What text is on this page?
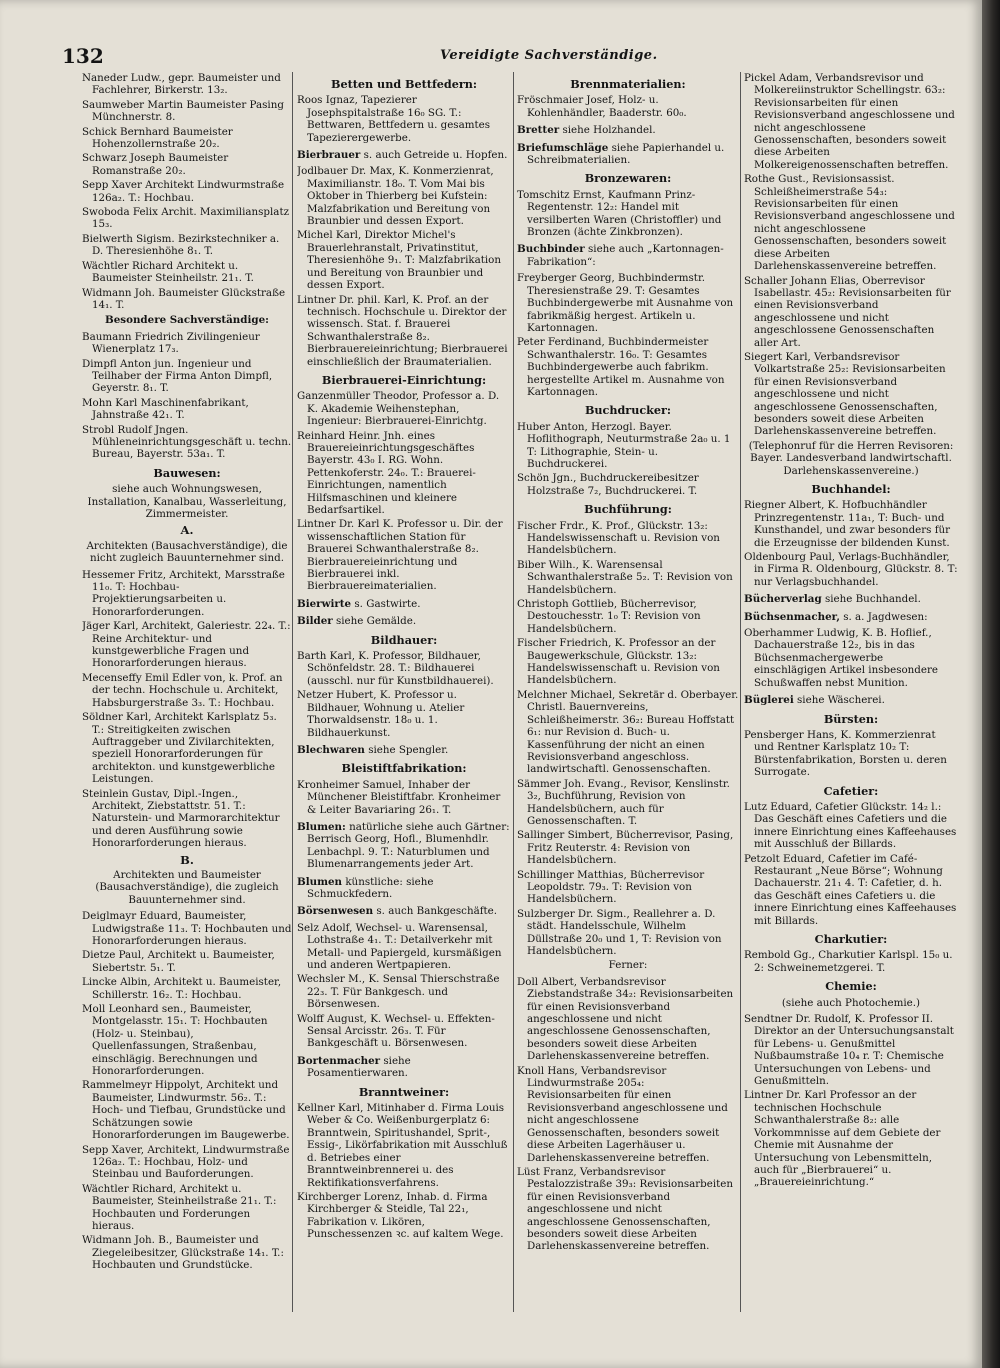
132	Vereidigte Sachverständige.
Naneder Ludw., gepr. Baumeister und Fachlehrer, Birkerstr. 13₂.
Saumweber Martin Baumeister Pasing Münchnerstr. 8.
Schick Bernhard Baumeister Hohenzollernstraße 20₂.
Schwarz Joseph Baumeister Romanstraße 20₂.
Sepp Xaver Architekt Lindwurmstraße 126a₂. T.: Hochbau.
Swoboda Felix Archit. Maximiliansplatz 15₃.
Bielwerth Sigism. Bezirkstechniker a. D. Theresienhöhe 8₁. T.
Wächtler Richard Architekt u. Baumeister Steinheilstr. 21₁. T.
Widmann Joh. Baumeister Glückstraße 14₁. T.
Besondere Sachverständige:
Baumann Friedrich Zivilingenieur Wienerplatz 17₃.
Dimpfl Anton jun. Ingenieur und Teilhaber der Firma Anton Dimpfl, Geyerstr. 8₁. T.
Mohn Karl Maschinenfabrikant, Jahnstraße 42₁. T.
Strobl Rudolf Jngen. Mühleneinrichtungsgeschäft u. techn. Bureau, Bayerstr. 53a₁. T.
Bauwesen:
siehe auch Wohnungswesen, Installation, Kanalbau, Wasserleitung, Zimmermeister.
A.
Architekten (Bausachverständige), die nicht zugleich Bauunternehmer sind.
Hessemer Fritz, Architekt, Marsstraße 11₀. T: Hochbau-Projektierungsarbeiten u. Honorarforderungen.
Jäger Karl, Architekt, Galeriestr. 22₄. T.: Reine Architektur- und kunstgewerbliche Fragen und Honorarforderungen hieraus.
Mecenseffy Emil Edler von, k. Prof. an der techn. Hochschule u. Architekt, Habsburgerstraße 3₃. T.: Hochbau.
Söldner Karl, Architekt Karlsplatz 5₃. T.: Streitigkeiten zwischen Auftraggeber und Zivilarchitekten, speziell Honorarforderungen für architekton. und kunstgewerbliche Leistungen.
Steinlein Gustav, Dipl.-Ingen., Architekt, Ziebstattstr. 51. T.: Naturstein- und Marmorarchitektur und deren Ausführung sowie Honorarforderungen hieraus.
B.
Architekten und Baumeister (Bausachverständige), die zugleich Bauunternehmer sind.
Deiglmayr Eduard, Baumeister, Ludwigstraße 11₃. T: Hochbauten und Honorarforderungen hieraus.
Dietze Paul, Architekt u. Baumeister, Siebertstr. 5₁. T.
Lincke Albin, Architekt u. Baumeister, Schillerstr. 16₂. T.: Hochbau.
Moll Leonhard sen., Baumeister, Montgelasstr. 15₁. T: Hochbauten (Holz- u. Steinbau), Quellenfassungen, Straßenbau, einschlägig. Berechnungen und Honorarforderungen.
Rammelmeyr Hippolyt, Architekt und Baumeister, Lindwurmstr. 56₂. T.: Hoch- und Tiefbau, Grundstücke und Schätzungen sowie Honorarforderungen im Baugewerbe.
Sepp Xaver, Architekt, Lindwurmstraße 126a₂. T.: Hochbau, Holz- und Steinbau und Bauforderungen.
Wächtler Richard, Architekt u. Baumeister, Steinheilstraße 21₁. T.: Hochbauten und Forderungen hieraus.
Widmann Joh. B., Baumeister und Ziegeleibesitzer, Glückstraße 14₁. T.: Hochbauten und Grundstücke.
Betten und Bettfedern:
Roos Ignaz, Tapezierer Josephspitalstraße 16₀ SG. T.: Bettwaren, Bettfedern u. gesamtes Tapezierergewerbe.
Bierbrauer s. auch Getreide u. Hopfen.
Jodlbauer Dr. Max, K. Konmerzienrat, Maximilianstr. 18₀. T. Vom Mai bis Oktober in Thierberg bei Kufstein: Malzfabrikation und Bereitung von Braunbier und dessen Export.
Michel Karl, Direktor Michel's Brauerlehranstalt, Privatinstitut, Theresienhöhe 9₁. T: Malzfabrikation und Bereitung von Braunbier und dessen Export.
Lintner Dr. phil. Karl, K. Prof. an der technisch. Hochschule u. Direktor der wissensch. Stat. f. Brauerei Schwanthalerstraße 8₂. Bierbrauereieinrichtung; Bierbrauerei einschließlich der Braumaterialien.
Bierbrauerei-Einrichtung:
Ganzenmüller Theodor, Professor a. D. K. Akademie Weihenstephan, Ingenieur: Bierbrauerei-Einrichtg.
Reinhard Heinr. Jnh. eines Brauereieinrichtungsgeschäftes Bayerstr. 43₀ I. RG. Wohn. Pettenkoferstr. 24₀. T.: Brauerei-Einrichtungen, namentlich Hilfsmaschinen und kleinere Bedarfsartikel.
Lintner Dr. Karl K. Professor u. Dir. der wissenschaftlichen Station für Brauerei Schwanthalerstraße 8₂. Bierbrauereieinrichtung und Bierbrauerei inkl. Bierbrauereimaterialien.
Bierwirte s. Gastwirte.
Bilder siehe Gemälde.
Bildhauer:
Barth Karl, K. Professor, Bildhauer, Schönfeldstr. 28. T.: Bildhauerei (ausschl. nur für Kunstbildhauerei).
Netzer Hubert, K. Professor u. Bildhauer, Wohnung u. Atelier Thorwaldsenstr. 18₀ u. 1. Bildhauerkunst.
Blechwaren siehe Spengler.
Bleistiftfabrikation:
Kronheimer Samuel, Inhaber der Münchener Bleistiftfabr. Kronheimer & Leiter Bavariaring 26₁. T.
Blumen: natürliche siehe auch Gärtner: Berrisch Georg, Hofl., Blumenhdlr. Lenbachpl. 9. T.: Naturblumen und Blumenarrangements jeder Art.
Blumen künstliche: siehe Schmuckfedern.
Börsenwesen s. auch Bankgeschäfte.
Selz Adolf, Wechsel- u. Warensensal, Lothstraße 4₁. T.: Detailverkehr mit Metall- und Papiergeld, kursmäßigen und anderen Wertpapieren.
Wechsler M., K. Sensal Thierschstraße 22₃. T. Für Bankgesch. und Börsenwesen.
Wolff August, K. Wechsel- u. Effekten-Sensal Arcisstr. 26₃. T. Für Bankgeschäft u. Börsenwesen.
Bortenmacher siehe Posamentierwaren.
Branntweiner:
Kellner Karl, Mitinhaber d. Firma Louis Weber & Co. Weißenburgerplatz 6: Branntwein, Spiritushandel, Sprit-, Essig-, Likörfabrikation mit Ausschluß d. Betriebes einer Branntweinbrennerei u. des Rektifikationsverfahrens.
Kirchberger Lorenz, Inhab. d. Firma Kirchberger & Steidle, Tal 22₁, Fabrikation v. Likören, Punschessenzen ꝛc. auf kaltem Wege.
Brennmaterialien:
Fröschmaier Josef, Holz- u. Kohlenhändler, Baaderstr. 60₀.
Bretter siehe Holzhandel.
Briefumschläge siehe Papierhandel u. Schreibmaterialien.
Bronzewaren:
Tomschitz Ernst, Kaufmann Prinz-Regentenstr. 12₂: Handel mit versilberten Waren (Christoffler) und Bronzen (ächte Zinkbronzen).
Buchbinder siehe auch „Kartonnagen-Fabrikation“:
Freyberger Georg, Buchbindermstr. Theresienstraße 29. T: Gesamtes Buchbindergewerbe mit Ausnahme von fabrikmäßig hergest. Artikeln u. Kartonnagen.
Peter Ferdinand, Buchbindermeister Schwanthalerstr. 16₀. T: Gesamtes Buchbindergewerbe auch fabrikm. hergestellte Artikel m. Ausnahme von Kartonnagen.
Buchdrucker:
Huber Anton, Herzogl. Bayer. Hoflithograph, Neuturmstraße 2a₀ u. 1 T: Lithographie, Stein- u. Buchdruckerei.
Schön Jgn., Buchdruckereibesitzer Holzstraße 7₂, Buchdruckerei. T.
Buchführung:
Fischer Frdr., K. Prof., Glückstr. 13₂: Handelswissenschaft u. Revision von Handelsbüchern.
Biber Wilh., K. Warensensal Schwanthalerstraße 5₂. T: Revision von Handelsbüchern.
Christoph Gottlieb, Bücherrevisor, Destouchesstr. 1₀ T: Revision von Handelsbüchern.
Fischer Friedrich, K. Professor an der Baugewerkschule, Glückstr. 13₂: Handelswissenschaft u. Revision von Handelsbüchern.
Melchner Michael, Sekretär d. Oberbayer. Christl. Bauernvereins, Schleißheimerstr. 36₂: Bureau Hoffstatt 6₁: nur Revision d. Buch- u. Kassenführung der nicht an einen Revisionsverband angeschloss. landwirtschaftl. Genossenschaften.
Sämmer Joh. Evang., Revisor, Kenslinstr. 3₂, Buchführung, Revision von Handelsbüchern, auch für Genossenschaften. T.
Sallinger Simbert, Bücherrevisor, Pasing, Fritz Reuterstr. 4: Revision von Handelsbüchern.
Schillinger Matthias, Bücherrevisor Leopoldstr. 79₃. T: Revision von Handelsbüchern.
Sulzberger Dr. Sigm., Reallehrer a. D. städt. Handelsschule, Wilhelm Düllstraße 20₀ und 1, T: Revision von Handelsbüchern.
Ferner:
Doll Albert, Verbandsrevisor Ziebstandstraße 34₂: Revisionsarbeiten für einen Revisionsverband angeschlossene und nicht angeschlossene Genossenschaften, besonders soweit diese Arbeiten Darlehenskassenvereine betreffen.
Knoll Hans, Verbandsrevisor Lindwurmstraße 205₄: Revisionsarbeiten für einen Revisionsverband angeschlossene und nicht angeschlossene Genossenschaften, besonders soweit diese Arbeiten Lagerhäuser u. Darlehenskassenvereine betreffen.
Lüst Franz, Verbandsrevisor Pestalozzistraße 39₃: Revisionsarbeiten für einen Revisionsverband angeschlossene und nicht angeschlossene Genossenschaften, besonders soweit diese Arbeiten Darlehenskassenvereine betreffen.
Pickel Adam, Verbandsrevisor und Molkereiinstruktor Schellingstr. 63₂: Revisionsarbeiten für einen Revisionsverband angeschlossene und nicht angeschlossene Genossenschaften, besonders soweit diese Arbeiten Molkereigenossenschaften betreffen.
Rothe Gust., Revisionsassist. Schleißheimerstraße 54₃: Revisionsarbeiten für einen Revisionsverband angeschlossene und nicht angeschlossene Genossenschaften, besonders soweit diese Arbeiten Darlehenskassenvereine betreffen.
Schaller Johann Elias, Oberrevisor Isabellastr. 45₂: Revisionsarbeiten für einen Revisionsverband angeschlossene und nicht angeschlossene Genossenschaften aller Art.
Siegert Karl, Verbandsrevisor Volkartstraße 25₂: Revisionsarbeiten für einen Revisionsverband angeschlossene und nicht angeschlossene Genossenschaften, besonders soweit diese Arbeiten Darlehenskassenvereine betreffen.
(Telephonruf für die Herren Revisoren: Bayer. Landesverband landwirtschaftl. Darlehenskassenvereine.)
Buchhandel:
Riegner Albert, K. Hofbuchhändler Prinzregentenstr. 11a₁, T: Buch- und Kunsthandel, und zwar besonders für die Erzeugnisse der bildenden Kunst.
Oldenbourg Paul, Verlags-Buchhändler, in Firma R. Oldenbourg, Glückstr. 8. T: nur Verlagsbuchhandel.
Bücherverlag siehe Buchhandel.
Büchsenmacher, s. a. Jagdwesen:
Oberhammer Ludwig, K. B. Hoflief., Dachauerstraße 12₂, bis in das Büchsenmachergewerbe einschlägigen Artikel insbesondere Schußwaffen nebst Munition.
Büglerei siehe Wäscherei.
Bürsten:
Pensberger Hans, K. Kommerzienrat und Rentner Karlsplatz 10₂ T: Bürstenfabrikation, Borsten u. deren Surrogate.
Cafetier:
Lutz Eduard, Cafetier Glückstr. 14₂ l.: Das Geschäft eines Cafetiers und die innere Einrichtung eines Kaffeehauses mit Ausschluß der Billards.
Petzolt Eduard, Cafetier im Café-Restaurant „Neue Börse“; Wohnung Dachauerstr. 21₁ 4. T: Cafetier, d. h. das Geschäft eines Cafetiers u. die innere Einrichtung eines Kaffeehauses mit Billards.
Charkutier:
Rembold Gg., Charkutier Karlspl. 15₀ u. 2: Schweinemetzgerei. T.
Chemie:
(siehe auch Photochemie.)
Sendtner Dr. Rudolf, K. Professor II. Direktor an der Untersuchungsanstalt für Lebens- u. Genußmittel Nußbaumstraße 10₄ r. T: Chemische Untersuchungen von Lebens- und Genußmitteln.
Lintner Dr. Karl Professor an der technischen Hochschule Schwanthalerstraße 8₂: alle Vorkommnisse auf dem Gebiete der Chemie mit Ausnahme der Untersuchung von Lebensmitteln, auch für „Bierbrauerei“ u. „Brauereieinrichtung.“
